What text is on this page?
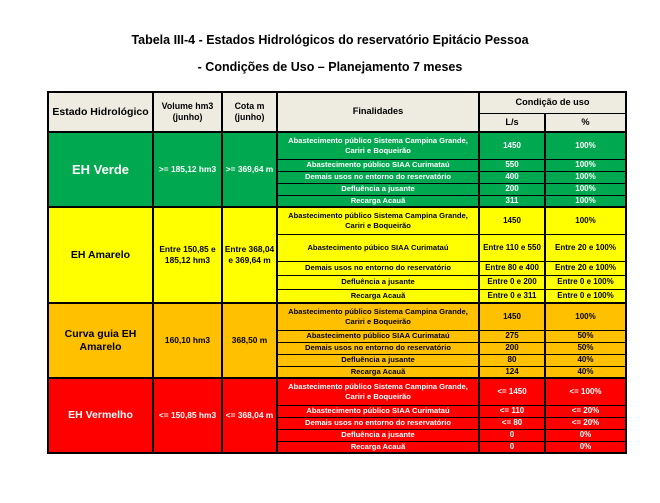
Tabela III-4 - Estados Hidrológicos do reservatório Epitácio Pessoa
- Condições de Uso – Planejamento 7 meses
Estado Hidrológico	Volume hm3 (junho)	Cota m (junho)	Finalidades	Condição de uso	
				L/s	%
EH Verde	>= 185,12 hm3	>= 369,64 m	Abastecimento público Sistema Campina Grande, Cariri e Boqueirão	1450	100%
			Abastecimento público SIAA Curimataú	550	100%
			Demais usos no entorno do reservatório	400	100%
			Defluência a jusante	200	100%
			Recarga Acauã	311	100%
EH Amarelo	Entre 150,85 e 185,12 hm3	Entre 368,04 e 369,64 m	Abastecimento público Sistema Campina Grande, Cariri e Boqueirão	1450	100%
			Abastecimento púbico SIAA Curimataú	Entre 110 e 550	Entre 20 e 100%
			Demais usos no entorno do reservatório	Entre 80 e 400	Entre 20 e 100%
			Defluência a jusante	Entre 0 e 200	Entre 0 e 100%
			Recarga Acauã	Entre 0 e 311	Entre 0 e 100%
Curva guia EH Amarelo	160,10 hm3	368,50 m	Abastecimento público Sistema Campina Grande, Cariri e Boqueirão	1450	100%
			Abastecimento público SIAA Curimataú	275	50%
			Demais usos no entorno do reservatório	200	50%
			Defluência a jusante	80	40%
			Recarga Acauã	124	40%
EH Vermelho	<= 150,85 hm3	<= 368,04 m	Abastecimento público Sistema Campina Grande, Cariri e Boqueirão	<= 1450	<= 100%
			Abastecimento público SIAA Curimataú	<= 110	<= 20%
			Demais usos no entorno do reservatório	<= 80	<= 20%
			Defluência a jusante	0	0%
			Recarga Acauã	0	0%
